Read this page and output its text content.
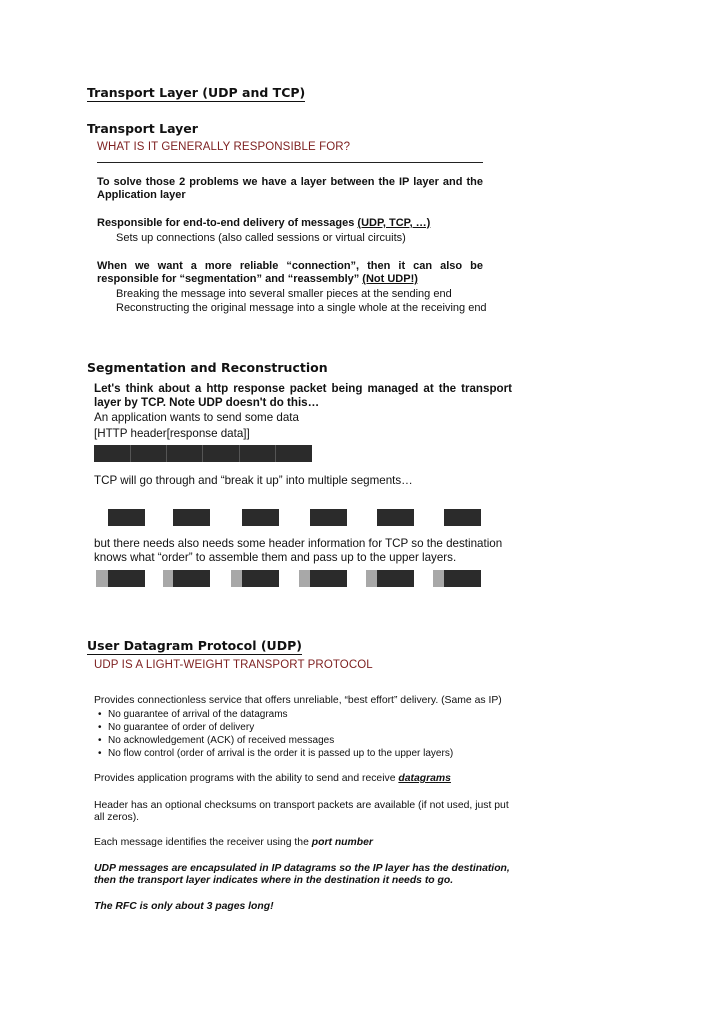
Transport Layer (UDP and TCP)
Transport Layer
WHAT IS IT GENERALLY RESPONSIBLE FOR?
To solve those 2 problems we have a layer between the IP layer and the
Application layer
Responsible for end-to-end delivery of messages (UDP, TCP, …)
Sets up connections (also called sessions or virtual circuits)
When we want a more reliable “connection”, then it can also be
responsible for “segmentation” and “reassembly” (Not UDP!)
Breaking the message into several smaller pieces at the sending end
Reconstructing the original message into a single whole at the receiving end
Segmentation and Reconstruction
Let's think about a http response packet being managed at the transport
layer by TCP. Note UDP doesn't do this…
An application wants to send some data
[HTTP header[response data]]
TCP will go through and “break it up” into multiple segments…
but there needs also needs some header information for TCP so the destination
knows what “order” to assemble them and pass up to the upper layers.
User Datagram Protocol (UDP)
UDP IS A LIGHT-WEIGHT TRANSPORT PROTOCOL
Provides connectionless service that offers unreliable, “best effort” delivery. (Same as IP)
• No guarantee of arrival of the datagrams
• No guarantee of order of delivery
• No acknowledgement (ACK) of received messages
• No flow control (order of arrival is the order it is passed up to the upper layers)
Provides application programs with the ability to send and receive datagrams
Header has an optional checksums on transport packets are available (if not used, just put
all zeros).
Each message identifies the receiver using the port number
UDP messages are encapsulated in IP datagrams so the IP layer has the destination,
then the transport layer indicates where in the destination it needs to go.
The RFC is only about 3 pages long!
